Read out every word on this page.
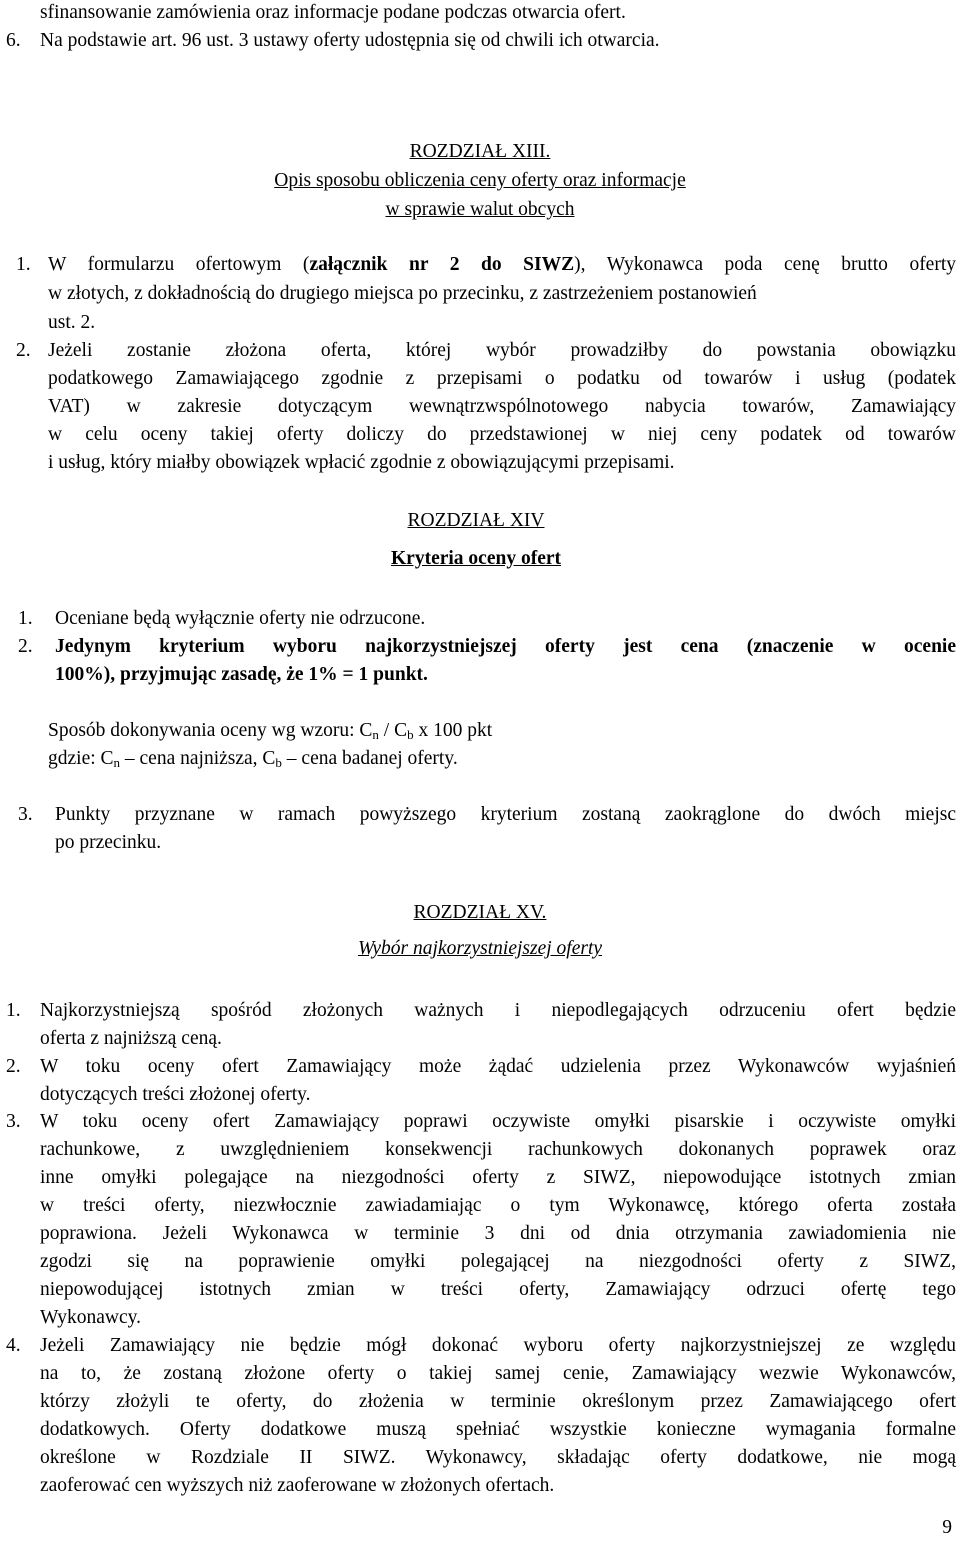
sfinansowanie zamówienia oraz informacje podane podczas otwarcia ofert.

6. Na podstawie art. 96 ust. 3 ustawy oferty udostępnia się od chwili ich otwarcia.

ROZDZIAŁ XIII.

Opis sposobu obliczenia ceny oferty oraz informacje

w sprawie walut obcych

1. W formularzu ofertowym (załącznik nr 2 do SIWZ), Wykonawca poda cenę brutto oferty

w złotych, z dokładnością do drugiego miejsca po przecinku, z zastrzeżeniem postanowień

ust. 2.

2. Jeżeli zostanie złożona oferta, której wybór prowadziłby do powstania obowiązku

podatkowego Zamawiającego zgodnie z przepisami o podatku od towarów i usług (podatek

VAT) w zakresie dotyczącym wewnątrzwspólnotowego nabycia towarów, Zamawiający

w celu oceny takiej oferty doliczy do przedstawionej w niej ceny podatek od towarów

i usług, który miałby obowiązek wpłacić zgodnie z obowiązującymi przepisami.

ROZDZIAŁ XIV

Kryteria oceny ofert

1. Oceniane będą wyłącznie oferty nie odrzucone.

2. Jedynym kryterium wyboru najkorzystniejszej oferty jest cena (znaczenie w ocenie

100%), przyjmując zasadę, że 1% = 1 punkt.

Sposób dokonywania oceny wg wzoru: $C_n / C_b$ x 100 pkt

gdzie: $C_n$ – cena najniższa, $C_b$ – cena badanej oferty.

3. Punkty przyznane w ramach powyższego kryterium zostaną zaokrąglone do dwóch miejsc

po przecinku.

ROZDZIAŁ XV.

Wybór najkorzystniejszej oferty

1. Najkorzystniejszą spośród złożonych ważnych i niepodlegających odrzuceniu ofert będzie

oferta z najniższą ceną.

2. W toku oceny ofert Zamawiający może żądać udzielenia przez Wykonawców wyjaśnień

dotyczących treści złożonej oferty.

3. W toku oceny ofert Zamawiający poprawi oczywiste omyłki pisarskie i oczywiste omyłki

rachunkowe, z uwzględnieniem konsekwencji rachunkowych dokonanych poprawek oraz

inne omyłki polegające na niezgodności oferty z SIWZ, niepowodujące istotnych zmian

w treści oferty, niezwłocznie zawiadamiając o tym Wykonawcę, którego oferta została

poprawiona. Jeżeli Wykonawca w terminie 3 dni od dnia otrzymania zawiadomienia nie

zgodzi się na poprawienie omyłki polegającej na niezgodności oferty z SIWZ,

niepowodującej istotnych zmian w treści oferty, Zamawiający odrzuci ofertę tego

Wykonawcy.

4. Jeżeli Zamawiający nie będzie mógł dokonać wyboru oferty najkorzystniejszej ze względu

na to, że zostaną złożone oferty o takiej samej cenie, Zamawiający wezwie Wykonawców,

którzy złożyli te oferty, do złożenia w terminie określonym przez Zamawiającego ofert

dodatkowych. Oferty dodatkowe muszą spełniać wszystkie konieczne wymagania formalne

określone w Rozdziale II SIWZ. Wykonawcy, składając oferty dodatkowe, nie mogą

zaoferować cen wyższych niż zaoferowane w złożonych ofertach.

9
